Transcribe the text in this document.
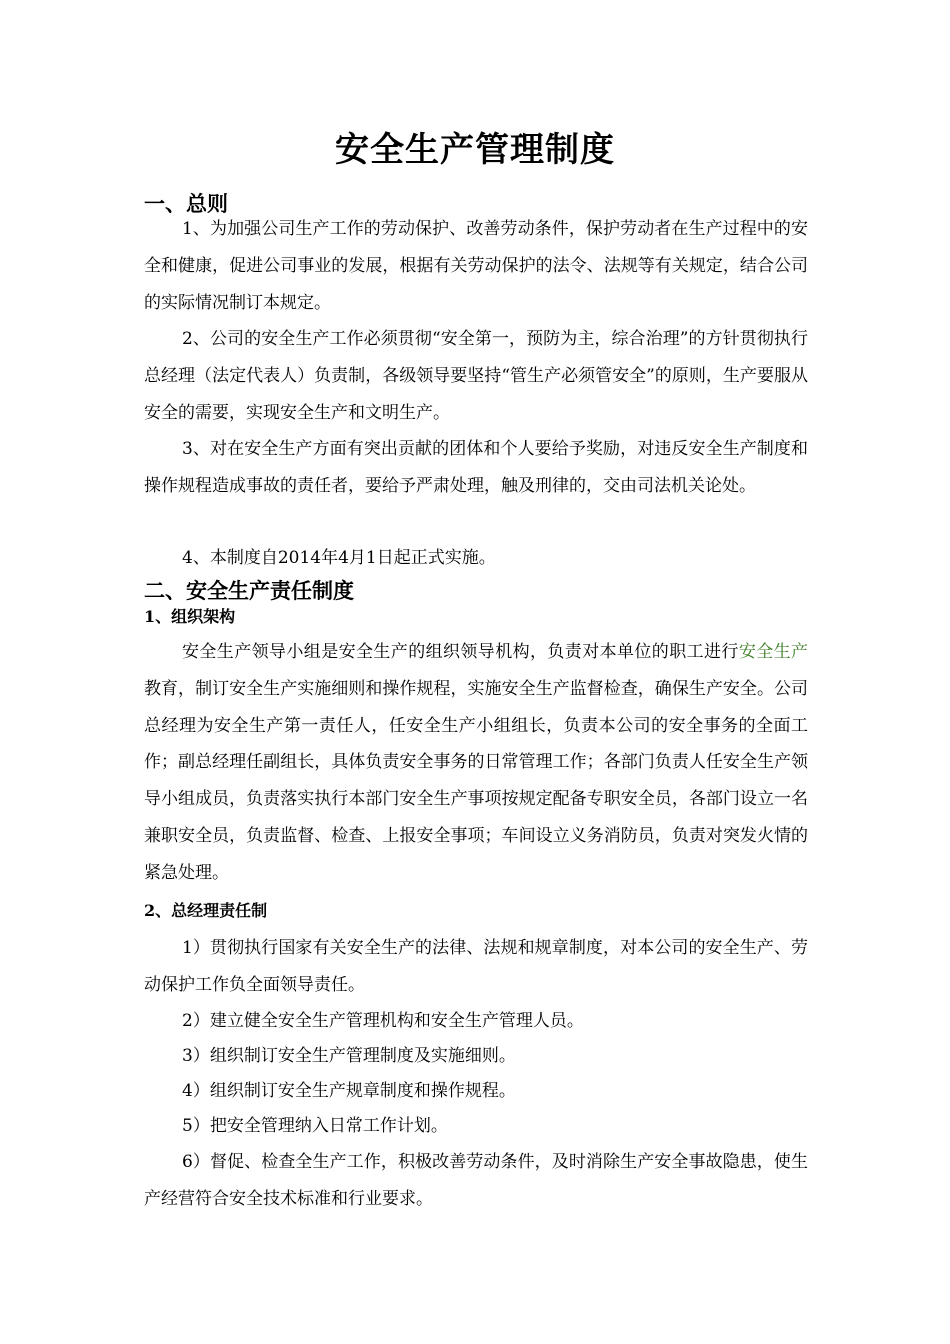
安全生产管理制度
一、总则
1、为加强公司生产工作的劳动保护、改善劳动条件，保护劳动者在生产过程中的安全和健康，促进公司事业的发展，根据有关劳动保护的法令、法规等有关规定，结合公司的实际情况制订本规定。
2、公司的安全生产工作必须贯彻“安全第一，预防为主，综合治理”的方针贯彻执行总经理（法定代表人）负责制，各级领导要坚持“管生产必须管安全”的原则，生产要服从安全的需要，实现安全生产和文明生产。
3、对在安全生产方面有突出贡献的团体和个人要给予奖励，对违反安全生产制度和操作规程造成事故的责任者，要给予严肃处理，触及刑律的，交由司法机关论处。
4、本制度自2014年4月1日起正式实施。
二、安全生产责任制度
1、组织架构
安全生产领导小组是安全生产的组织领导机构，负责对本单位的职工进行安全生产教育，制订安全生产实施细则和操作规程，实施安全生产监督检查，确保生产安全。公司总经理为安全生产第一责任人，任安全生产小组组长，负责本公司的安全事务的全面工作；副总经理任副组长，具体负责安全事务的日常管理工作；各部门负责人任安全生产领导小组成员，负责落实执行本部门安全生产事项按规定配备专职安全员，各部门设立一名兼职安全员，负责监督、检查、上报安全事项；车间设立义务消防员，负责对突发火情的紧急处理。
2、总经理责任制
1）贯彻执行国家有关安全生产的法律、法规和规章制度，对本公司的安全生产、劳动保护工作负全面领导责任。
2）建立健全安全生产管理机构和安全生产管理人员。
3）组织制订安全生产管理制度及实施细则。
4）组织制订安全生产规章制度和操作规程。
5）把安全管理纳入日常工作计划。
6）督促、检查全生产工作，积极改善劳动条件，及时消除生产安全事故隐患，使生产经营符合安全技术标准和行业要求。
